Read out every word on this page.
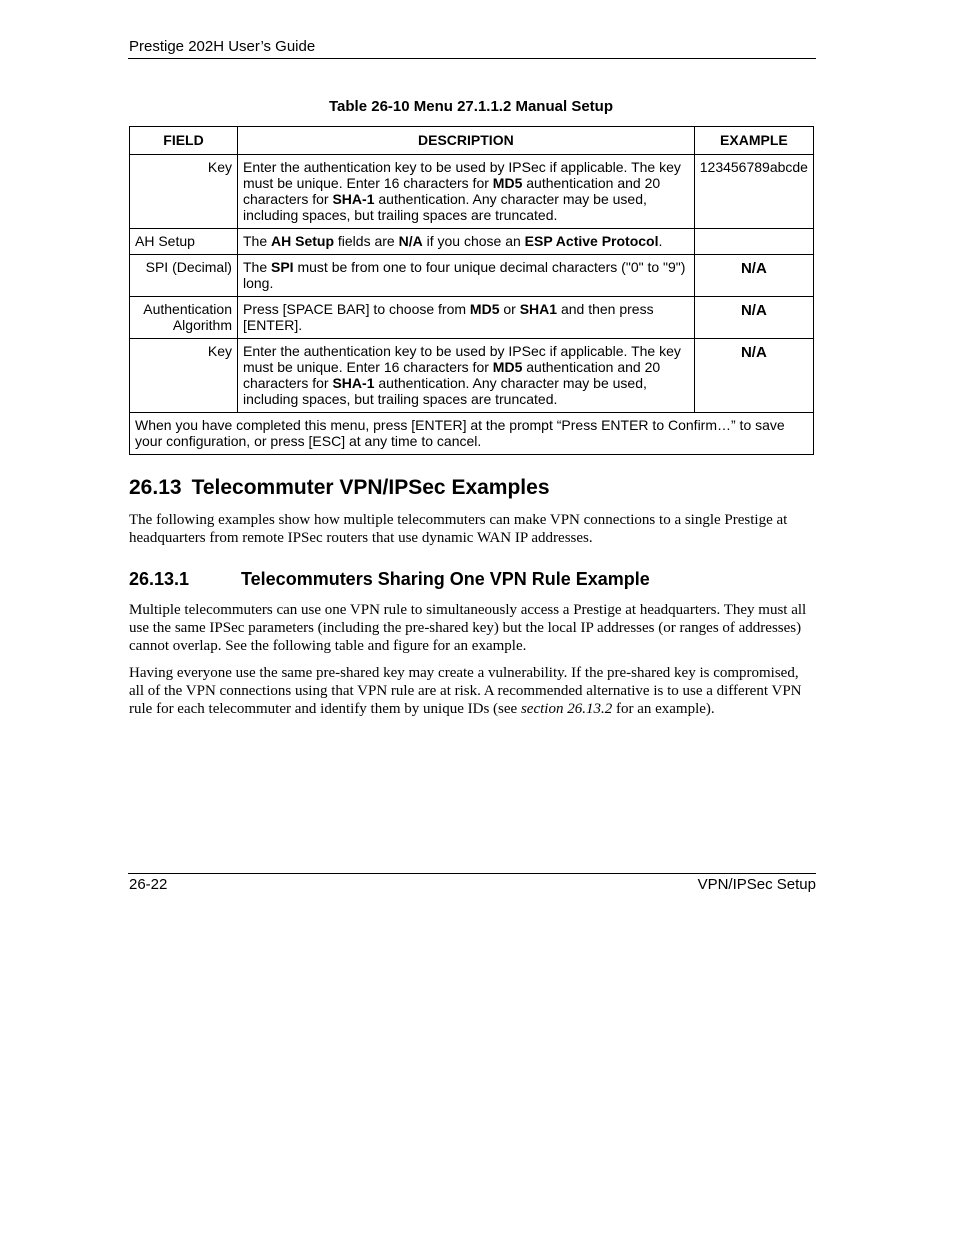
Prestige 202H User’s Guide
Table 26-10 Menu 27.1.1.2 Manual Setup
FIELD	DESCRIPTION	EXAMPLE
Key	Enter the authentication key to be used by IPSec if applicable. The key must be unique. Enter 16 characters for MD5 authentication and 20 characters for SHA-1 authentication. Any character may be used, including spaces, but trailing spaces are truncated.	123456789abcde
AH Setup	The AH Setup fields are N/A if you chose an ESP Active Protocol.	
SPI (Decimal)	The SPI must be from one to four unique decimal characters ("0" to "9") long.	N/A
Authentication Algorithm	Press [SPACE BAR] to choose from MD5 or SHA1 and then press [ENTER].	N/A
Key	Enter the authentication key to be used by IPSec if applicable. The key must be unique. Enter 16 characters for MD5 authentication and 20 characters for SHA-1 authentication. Any character may be used, including spaces, but trailing spaces are truncated.	N/A
When you have completed this menu, press [ENTER] at the prompt “Press ENTER to Confirm…” to save your configuration, or press [ESC] at any time to cancel.		
26.13 Telecommuter VPN/IPSec Examples

The following examples show how multiple telecommuters can make VPN connections to a single Prestige at headquarters from remote IPSec routers that use dynamic WAN IP addresses.

26.13.1	Telecommuters Sharing One VPN Rule Example

Multiple telecommuters can use one VPN rule to simultaneously access a Prestige at headquarters. They must all use the same IPSec parameters (including the pre-shared key) but the local IP addresses (or ranges of addresses) cannot overlap. See the following table and figure for an example.

Having everyone use the same pre-shared key may create a vulnerability. If the pre-shared key is compromised, all of the VPN connections using that VPN rule are at risk. A recommended alternative is to use a different VPN rule for each telecommuter and identify them by unique IDs (see section 26.13.2 for an example).

26-22	VPN/IPSec Setup
